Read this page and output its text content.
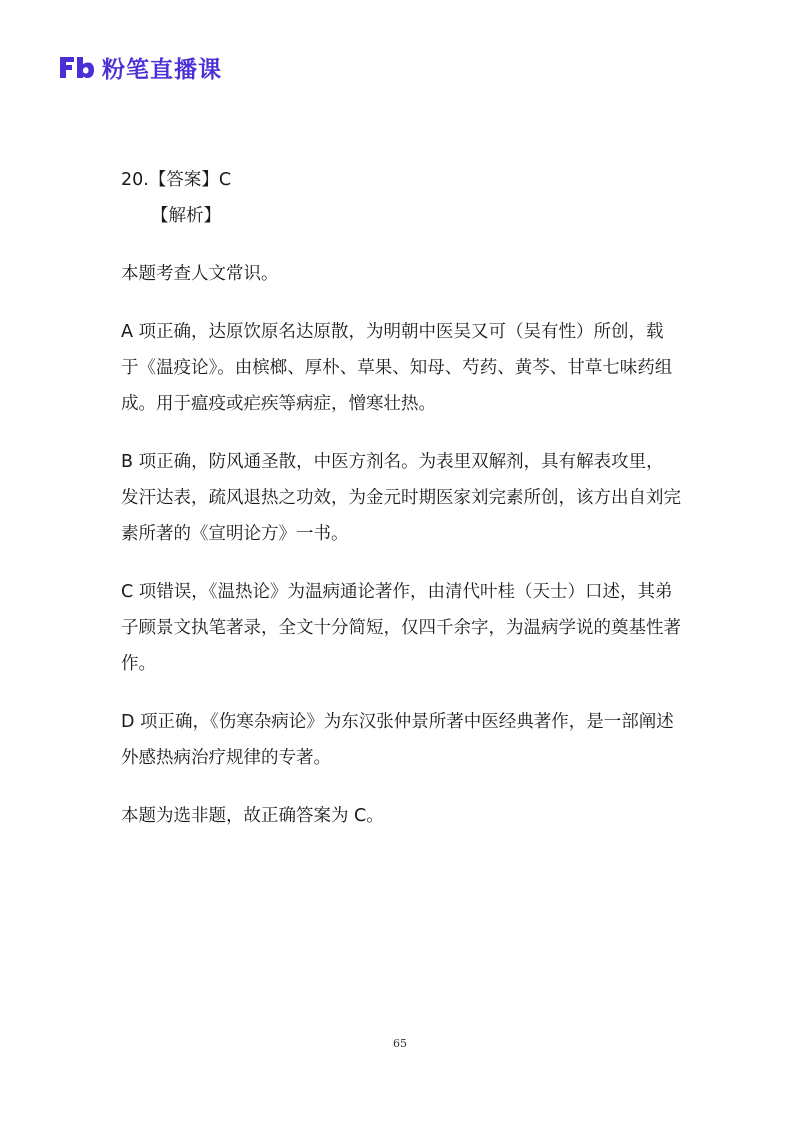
粉笔直播课

20.【答案】C

【解析】

本题考查人文常识。

A 项正确，达原饮原名达原散，为明朝中医吴又可（吴有性）所创，载于《温疫论》。由槟榔、厚朴、草果、知母、芍药、黄芩、甘草七味药组成。用于瘟疫或疟疾等病症，憎寒壮热。

B 项正确，防风通圣散，中医方剂名。为表里双解剂，具有解表攻里，发汗达表，疏风退热之功效，为金元时期医家刘完素所创，该方出自刘完素所著的《宣明论方》一书。

C 项错误，《温热论》为温病通论著作，由清代叶桂（天士）口述，其弟子顾景文执笔著录，全文十分简短，仅四千余字，为温病学说的奠基性著作。

D 项正确，《伤寒杂病论》为东汉张仲景所著中医经典著作，是一部阐述外感热病治疗规律的专著。

本题为选非题，故正确答案为 C。

65
